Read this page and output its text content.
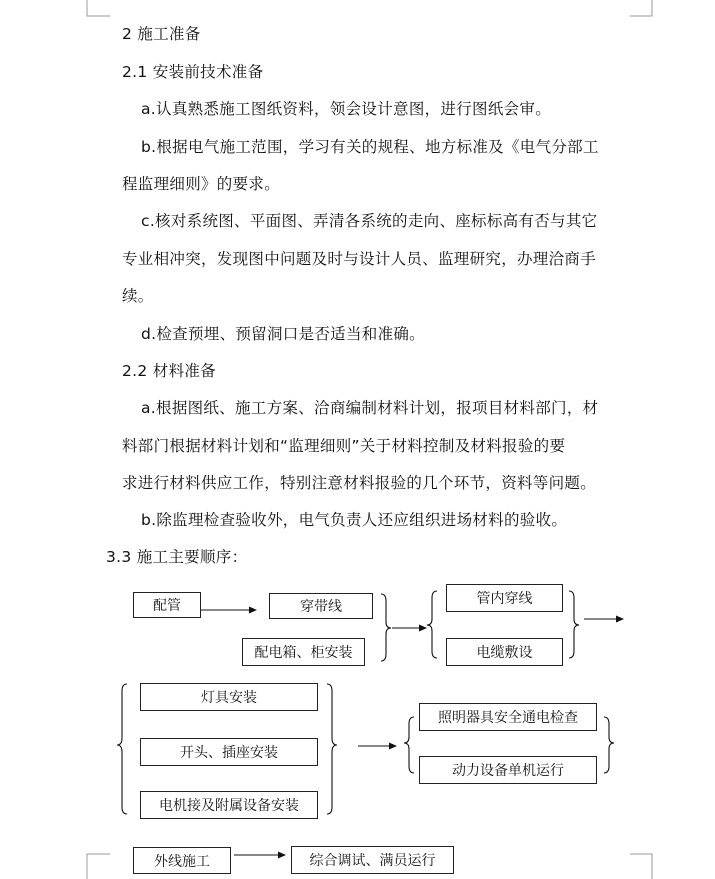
2 施工准备
2.1 安装前技术准备
a.认真熟悉施工图纸资料，领会设计意图，进行图纸会审。
b.根据电气施工范围，学习有关的规程、地方标准及《电气分部工
程监理细则》的要求。
c.核对系统图、平面图、弄清各系统的走向、座标标高有否与其它
专业相冲突，发现图中问题及时与设计人员、监理研究，办理洽商手
续。
d.检查预埋、预留洞口是否适当和准确。
2.2 材料准备
a.根据图纸、施工方案、洽商编制材料计划，报项目材料部门，材
料部门根据材料计划和“监理细则”关于材料控制及材料报验的要
求进行材料供应工作，特别注意材料报验的几个环节，资料等问题。
b.除监理检查验收外，电气负责人还应组织进场材料的验收。
3.3 施工主要顺序：
配管	穿带线
配电箱、柜安装
管内穿线
电缆敷设
灯具安装
开头、插座安装
电机接及附属设备安装
照明器具安全通电检查
动力设备单机运行
外线施工	综合调试、满员运行
